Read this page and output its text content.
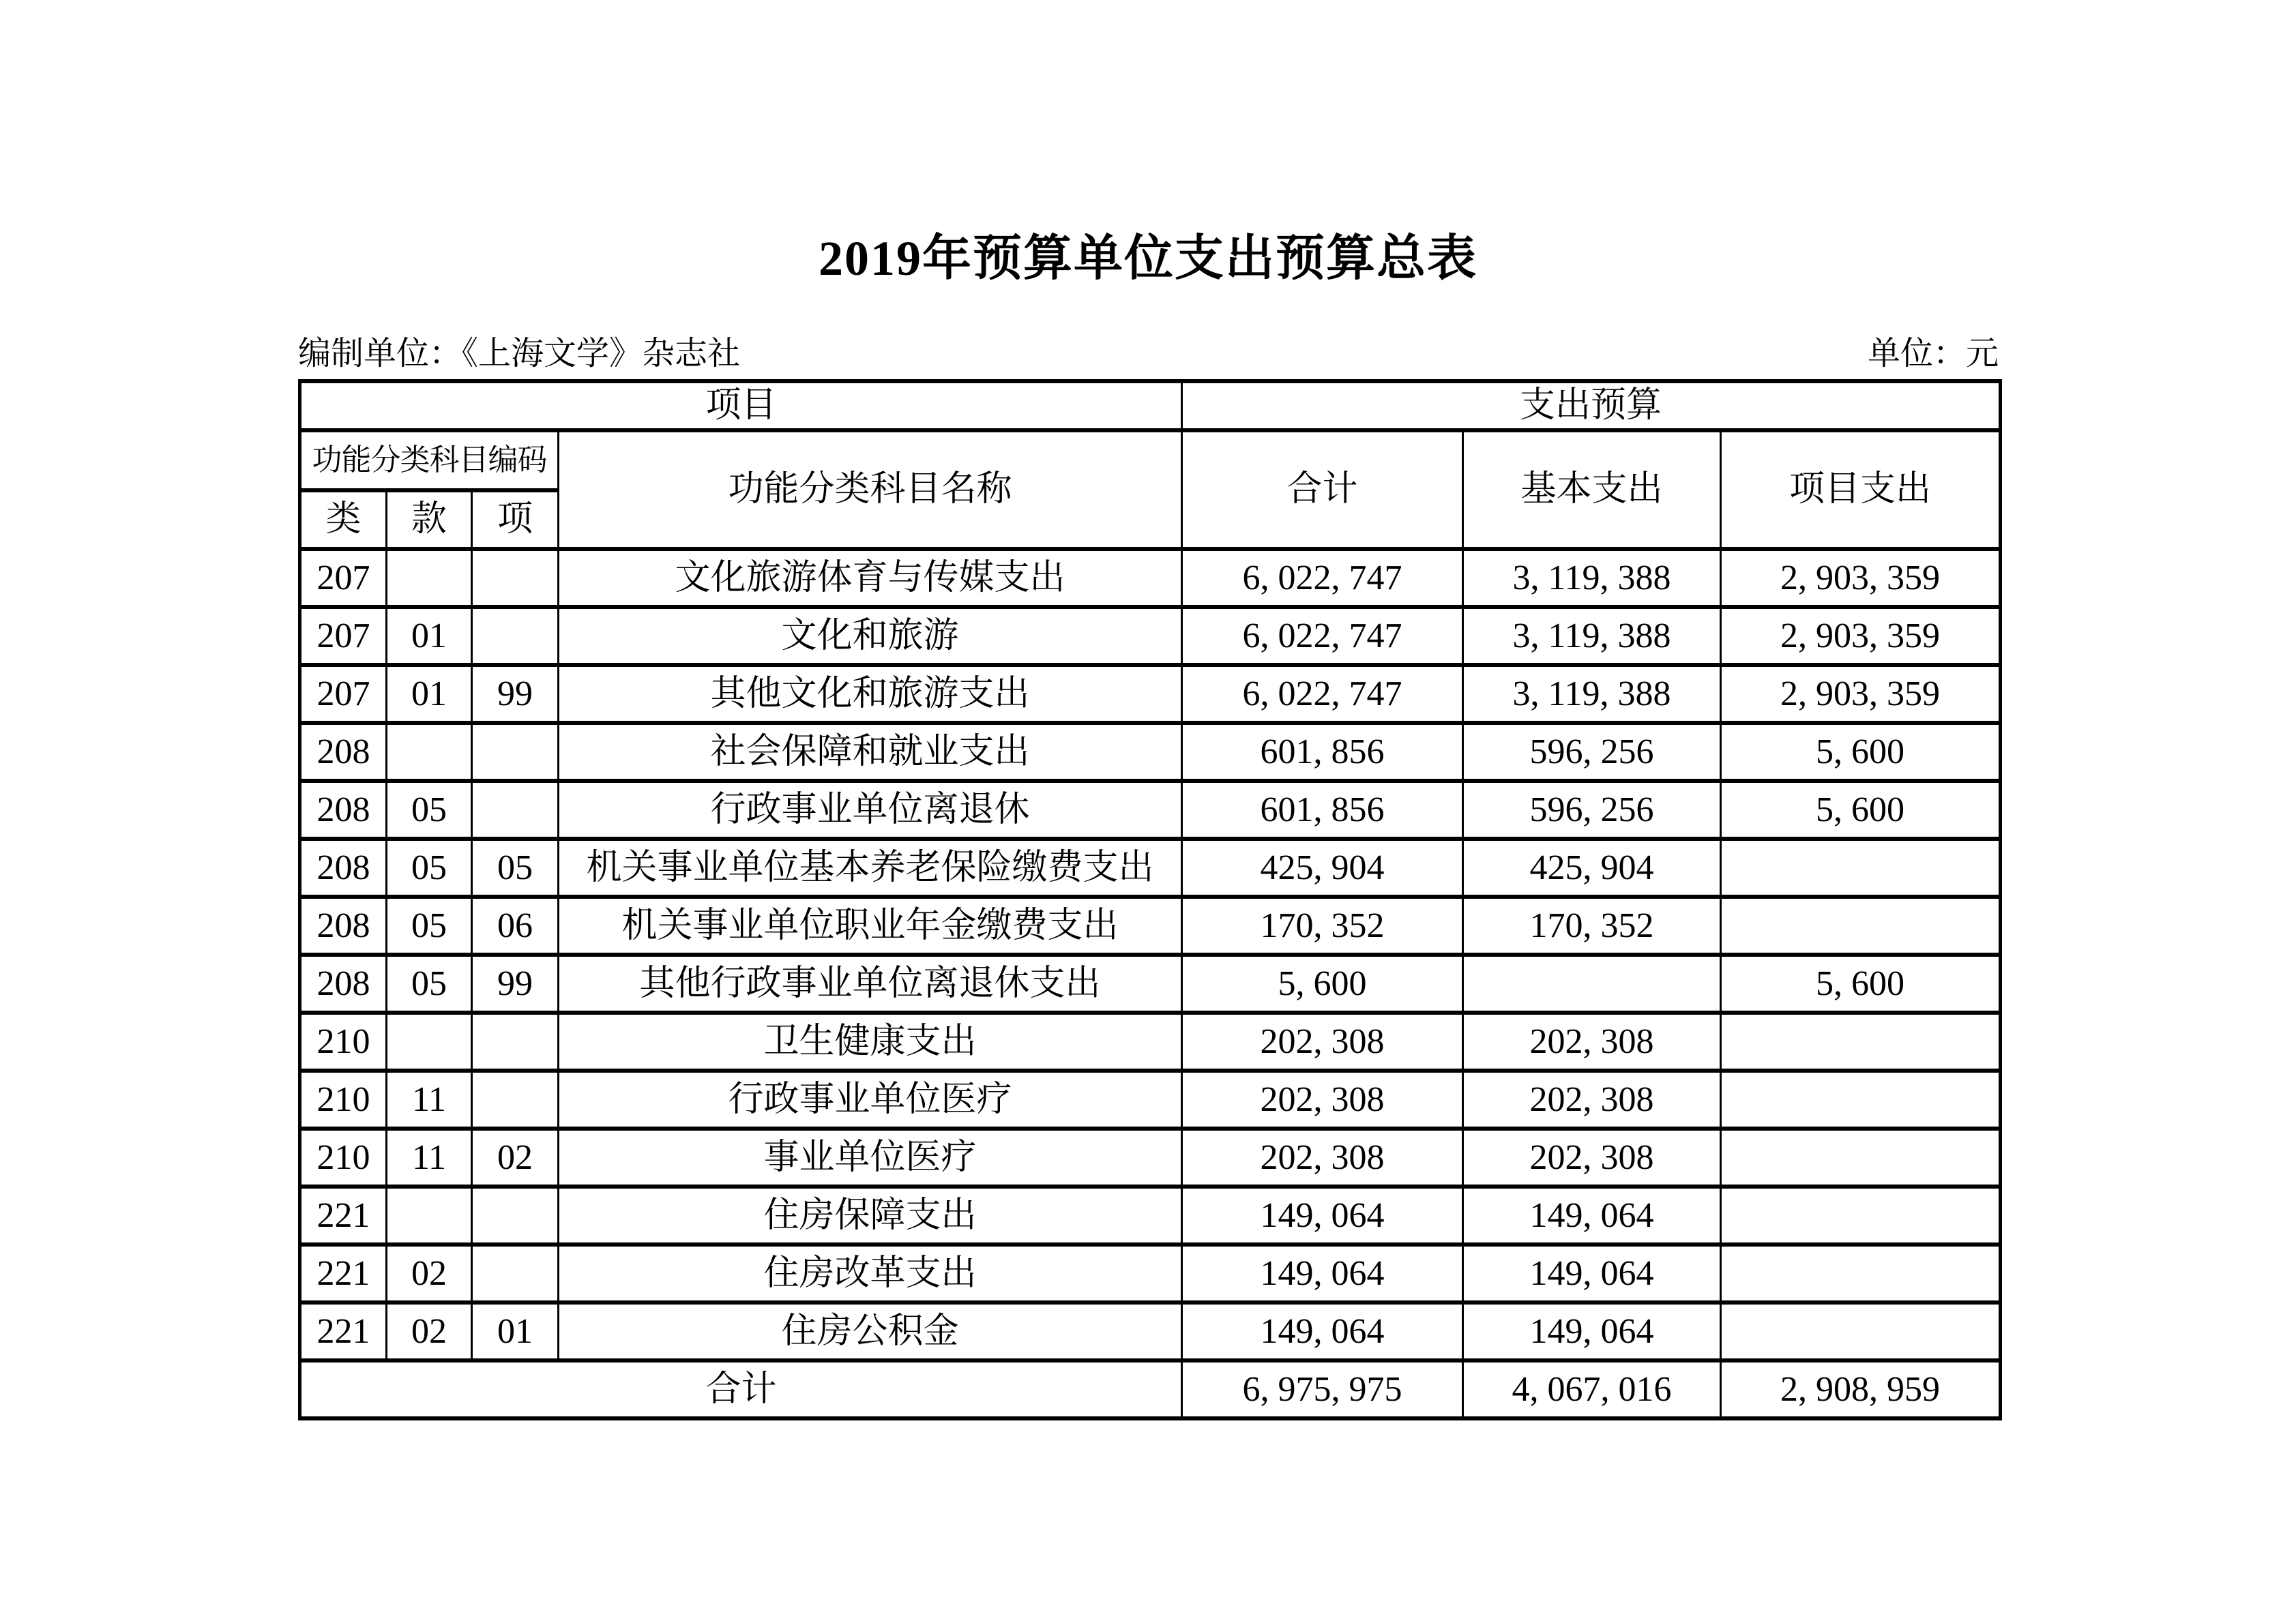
2019年预算单位支出预算总表
编制单位：《上海文学》杂志社	单位：元
项目				支出预算		
功能分类科目编码			功能分类科目名称	合计	基本支出	项目支出
类	款	项				
207			文化旅游体育与传媒支出	6, 022, 747	3, 119, 388	2, 903, 359
207	01		文化和旅游	6, 022, 747	3, 119, 388	2, 903, 359
207	01	99	其他文化和旅游支出	6, 022, 747	3, 119, 388	2, 903, 359
208			社会保障和就业支出	601, 856	596, 256	5, 600
208	05		行政事业单位离退休	601, 856	596, 256	5, 600
208	05	05	机关事业单位基本养老保险缴费支出	425, 904	425, 904	
208	05	06	机关事业单位职业年金缴费支出	170, 352	170, 352	
208	05	99	其他行政事业单位离退休支出	5, 600		5, 600
210			卫生健康支出	202, 308	202, 308	
210	11		行政事业单位医疗	202, 308	202, 308	
210	11	02	事业单位医疗	202, 308	202, 308	
221			住房保障支出	149, 064	149, 064	
221	02		住房改革支出	149, 064	149, 064	
221	02	01	住房公积金	149, 064	149, 064	
合计				6, 975, 975	4, 067, 016	2, 908, 959
